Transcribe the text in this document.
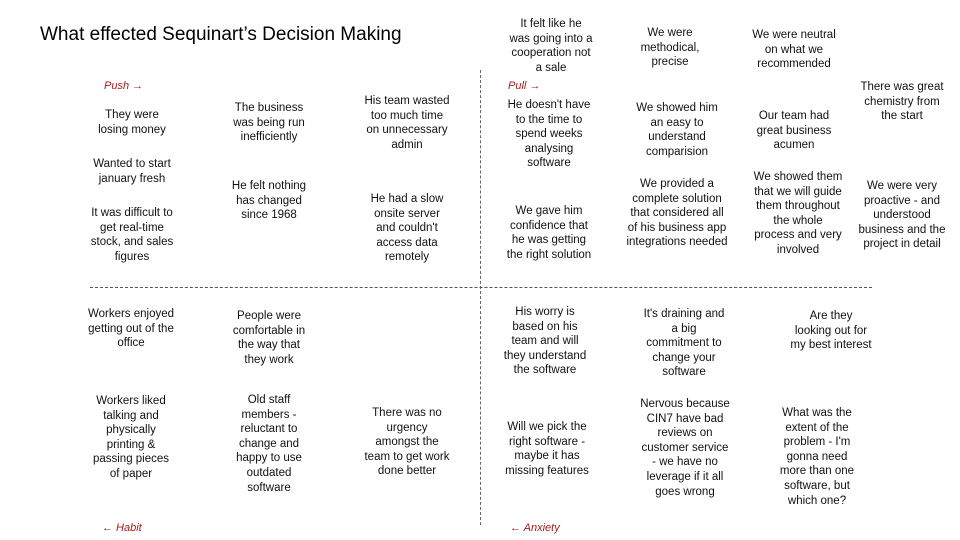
What effected Sequinart’s Decision Making
Push →	Pull →
← Habit	← Anxiety
They were losing money
Wanted to start january fresh
It was difficult to get real-time stock, and sales figures
The business was being run inefficiently
He felt nothing has changed since 1968
His team wasted too much time on unnecessary admin
He had a slow onsite server and couldn't access data remotely
It felt like he was going into a cooperation not a sale
He doesn't have to the time to spend weeks analysing software
We gave him confidence that he was getting the right solution
We were methodical, precise
We showed him an easy to understand comparision
We provided a complete solution that considered all of his business app integrations needed
We were neutral on what we recommended
Our team had great business acumen
We showed them that we will guide them throughout the whole process and very involved
There was great chemistry from the start
We were very proactive - and understood business and the project in detail
Workers enjoyed getting out of the office
Workers liked talking and physically printing & passing pieces of paper
People were comfortable in the way that they work
Old staff members - reluctant to change and happy to use outdated software
There was no urgency amongst the team to get work done better
His worry is based on his team and will they understand the software
Will we pick the right software - maybe it has missing features
It's draining and a big commitment to change your software
Nervous because CIN7 have bad reviews on customer service - we have no leverage if it all goes wrong
Are they looking out for my best interest
What was the extent of the problem - I'm gonna need more than one software, but which one?
